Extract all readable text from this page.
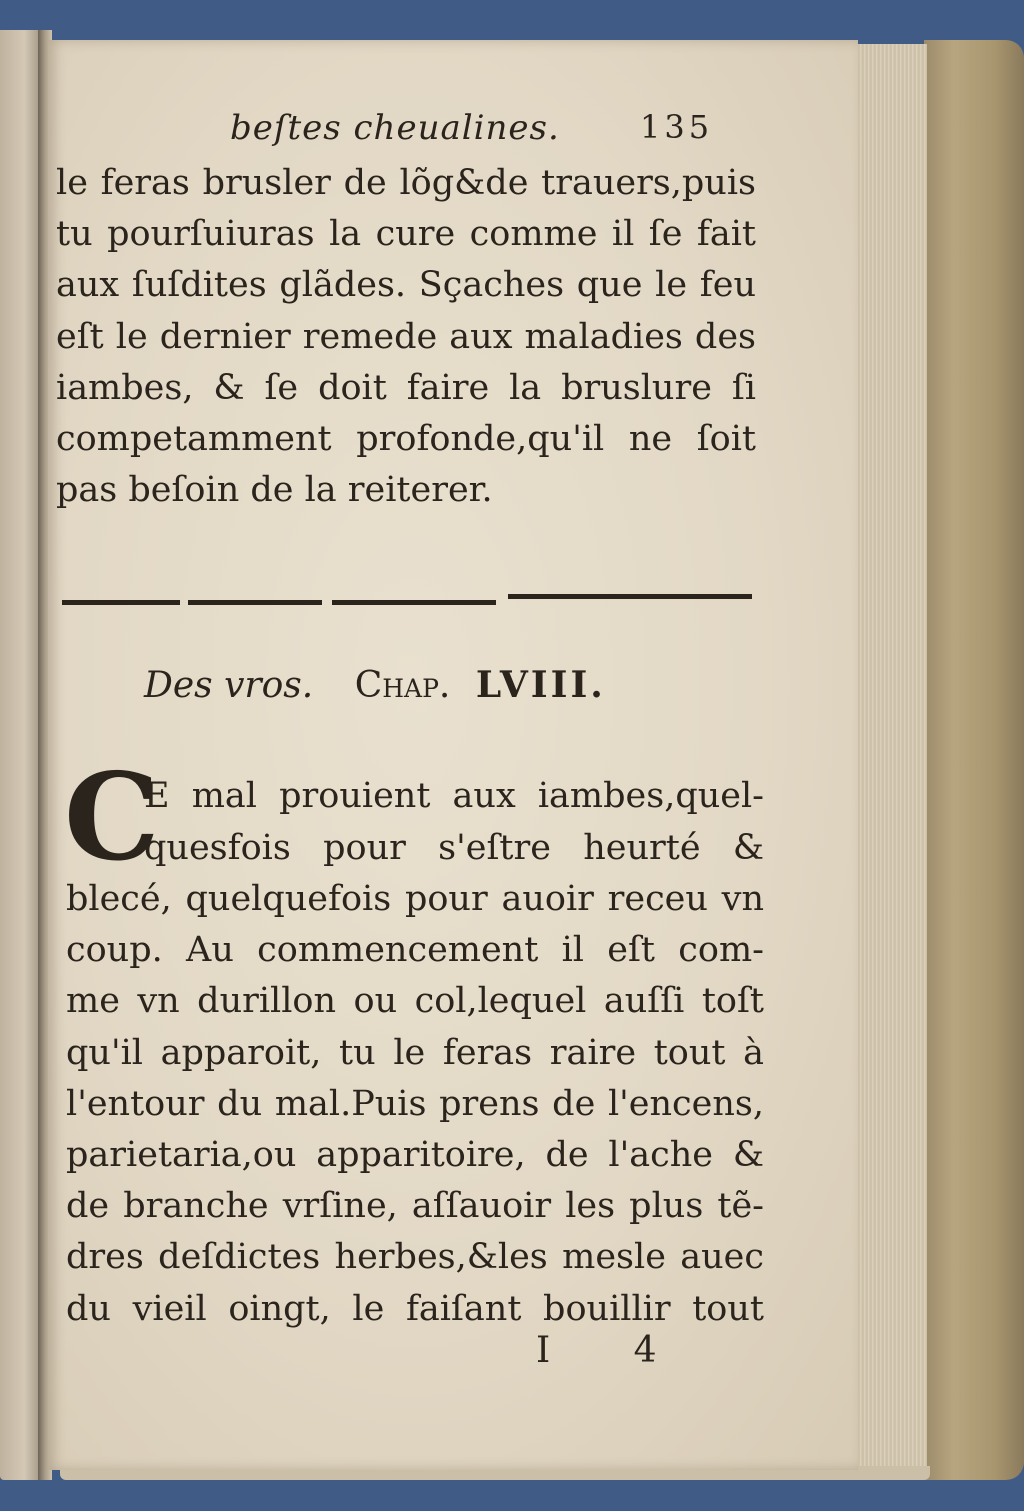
beſtes cheualines.	135
le feras brusler de lõg&de trauers,puis
tu pourſuiuras la cure comme il ſe fait
aux ſuſdites glãdes. Sçaches que le feu
eſt le dernier remede aux maladies des
iambes, & ſe doit faire la bruslure ſi
competamment profonde,qu'il ne ſoit
pas beſoin de la reiterer.
Des vros. Chap. LVIII.
C
E mal prouient aux iambes,quel-
quesfois pour s'eſtre heurté &
blecé, quelquefois pour auoir receu vn
coup. Au commencement il eſt com-
me vn durillon ou col,lequel auſſi toſt
qu'il apparoit, tu le feras raire tout à
l'entour du mal.Puis prens de l'encens,
parietaria,ou apparitoire, de l'ache &
de branche vrſine, aſſauoir les plus tẽ-
dres deſdictes herbes,&les mesle auec
du vieil oingt, le faiſant bouillir tout
I 4
